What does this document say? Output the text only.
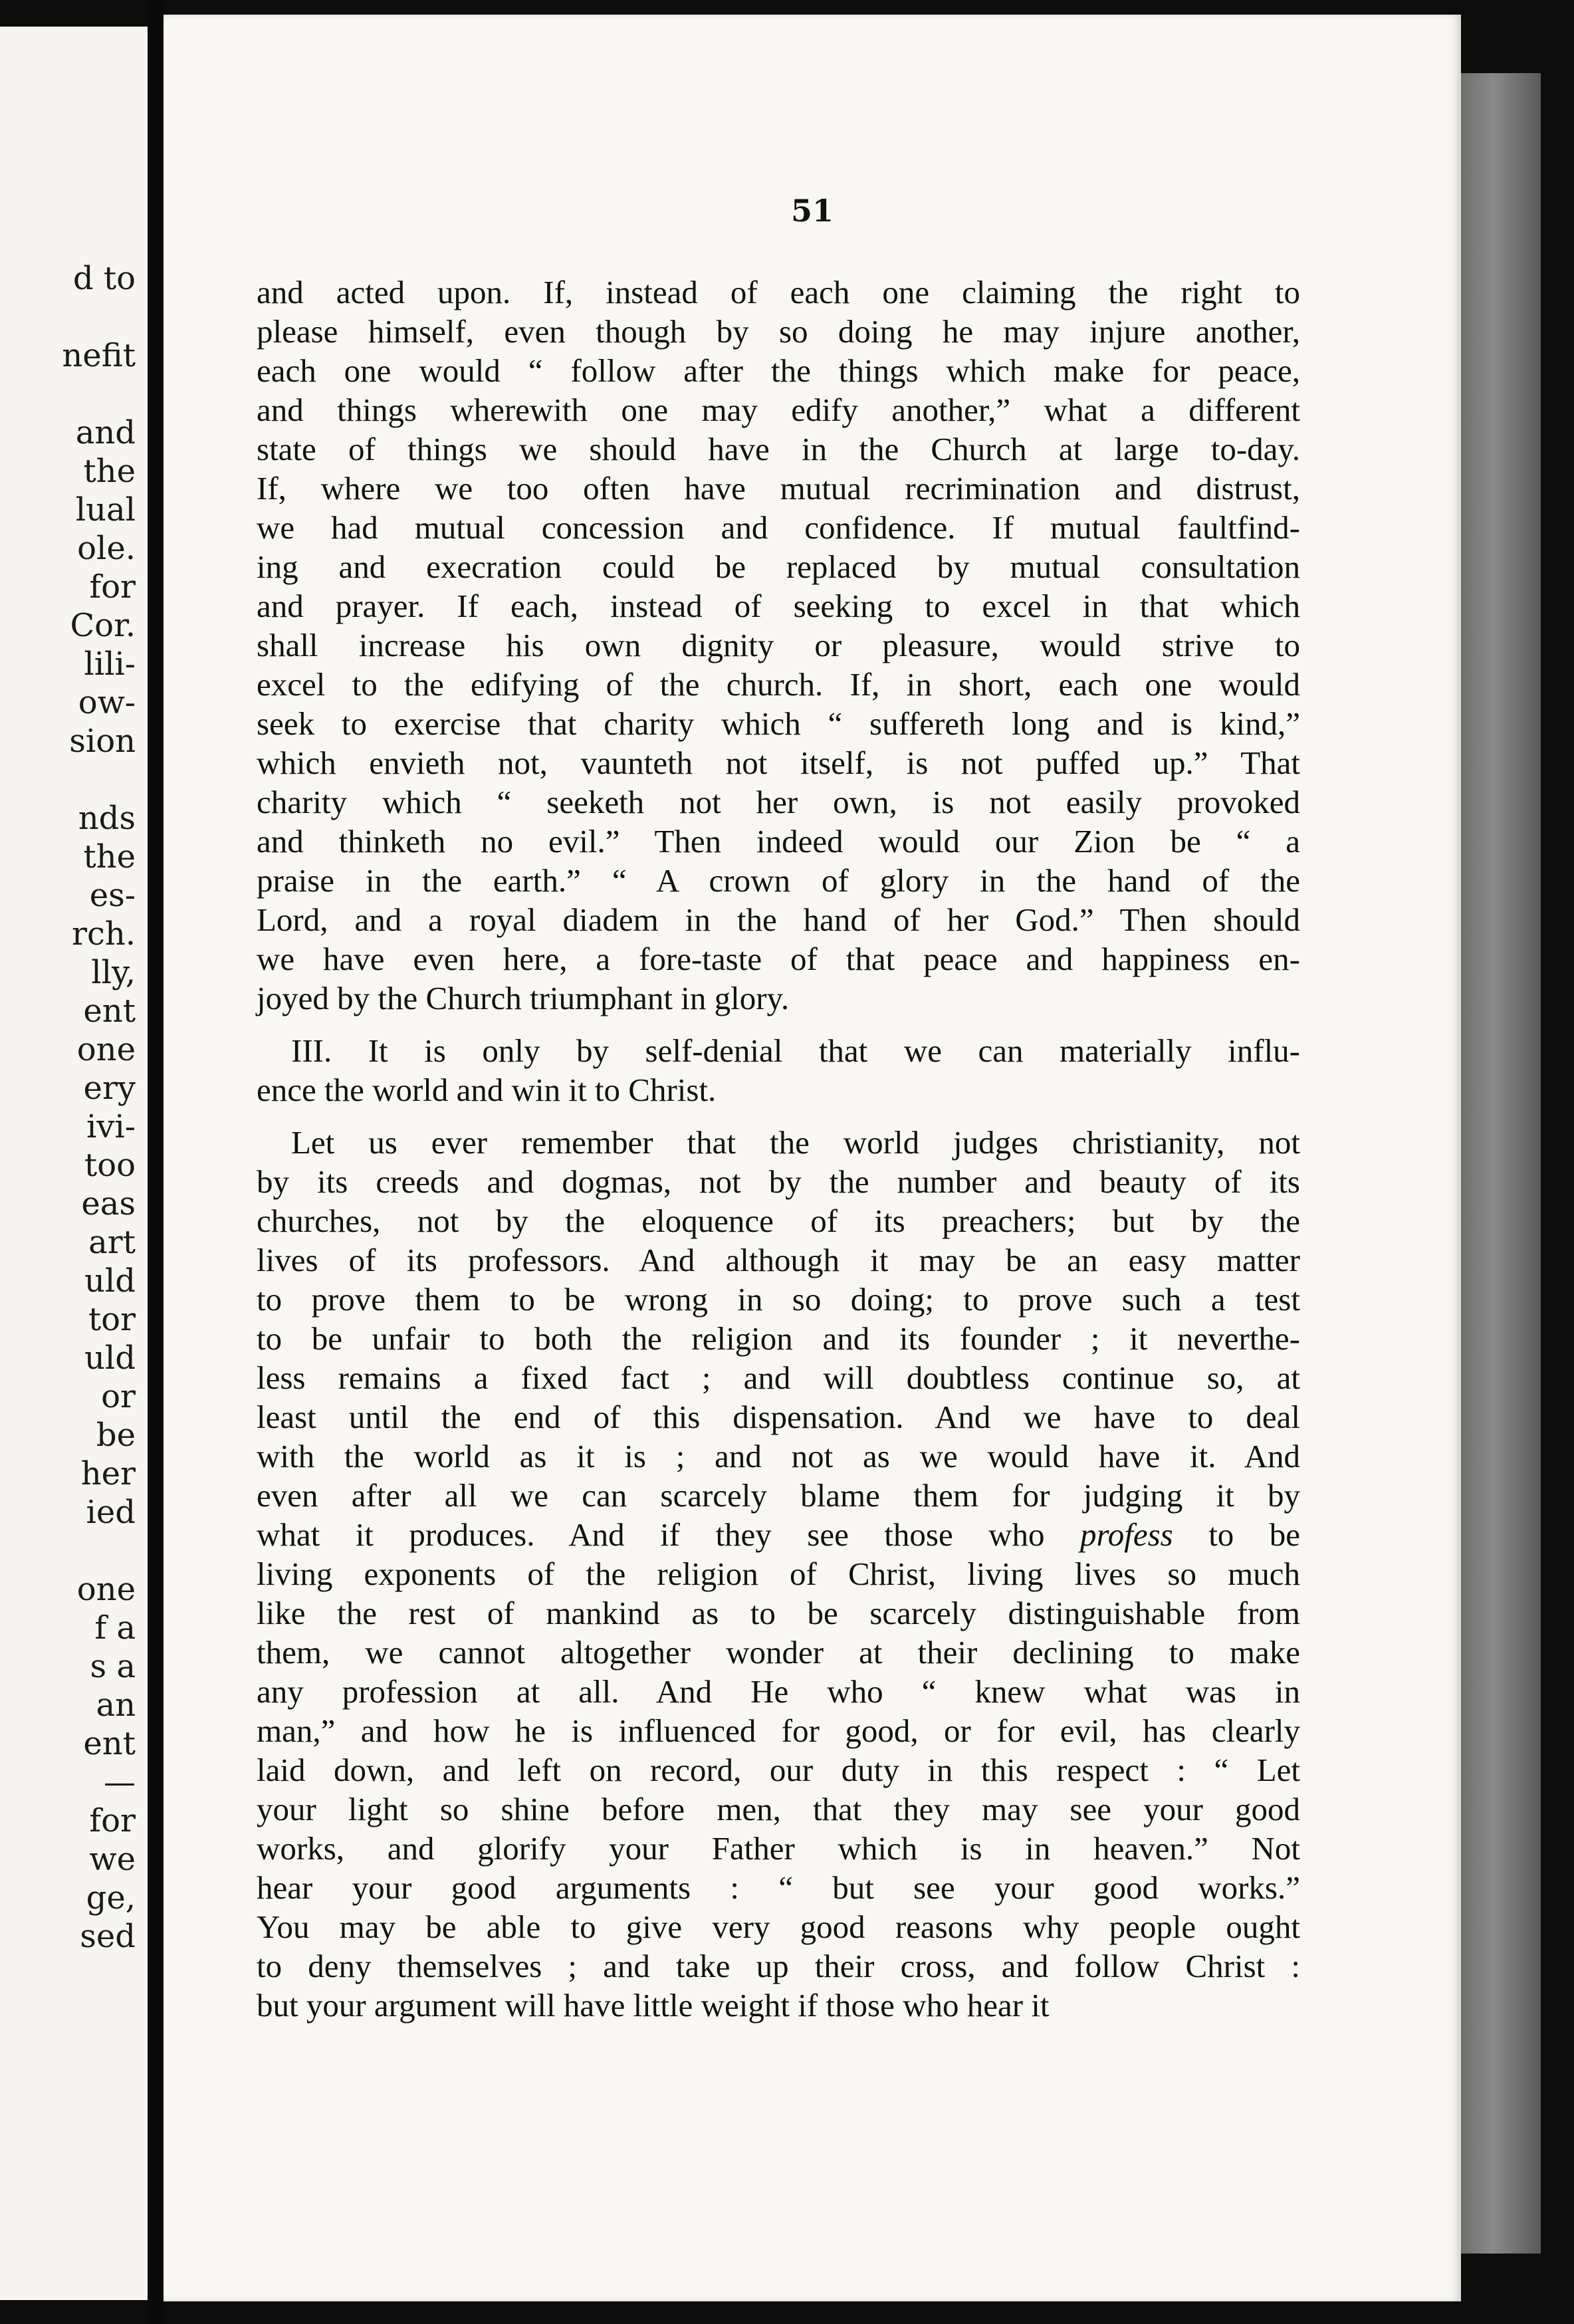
d to
nefit
and
the
lual
ole.
for
Cor.
lili-
ow-
sion
nds
the
es-
rch.
lly,
ent
one
ery
ivi-
too
eas
art
uld
tor
uld
or
be
her
ied
one
f a
s a
an
ent
—
for
we
ge,
sed
51
and acted upon. If, instead of each one claiming the right to
please himself, even though by so doing he may injure another,
each one would “ follow after the things which make for peace,
and things wherewith one may edify another,” what a different
state of things we should have in the Church at large to-day.
If, where we too often have mutual recrimination and distrust,
we had mutual concession and confidence. If mutual faultfind-
ing and execration could be replaced by mutual consultation
and prayer. If each, instead of seeking to excel in that which
shall increase his own dignity or pleasure, would strive to
excel to the edifying of the church. If, in short, each one would
seek to exercise that charity which “ suffereth long and is kind,”
which envieth not, vaunteth not itself, is not puffed up.” That
charity which “ seeketh not her own, is not easily provoked
and thinketh no evil.” Then indeed would our Zion be “ a
praise in the earth.” “ A crown of glory in the hand of the
Lord, and a royal diadem in the hand of her God.” Then should
we have even here, a fore-taste of that peace and happiness en-
joyed by the Church triumphant in glory.
III. It is only by self-denial that we can materially influ-
ence the world and win it to Christ.
Let us ever remember that the world judges christianity, not
by its creeds and dogmas, not by the number and beauty of its
churches, not by the eloquence of its preachers; but by the
lives of its professors. And although it may be an easy matter
to prove them to be wrong in so doing; to prove such a test
to be unfair to both the religion and its founder ; it neverthe-
less remains a fixed fact ; and will doubtless continue so, at
least until the end of this dispensation. And we have to deal
with the world as it is ; and not as we would have it. And
even after all we can scarcely blame them for judging it by
what it produces. And if they see those who profess to be
living exponents of the religion of Christ, living lives so much
like the rest of mankind as to be scarcely distinguishable from
them, we cannot altogether wonder at their declining to make
any profession at all. And He who “ knew what was in
man,” and how he is influenced for good, or for evil, has clearly
laid down, and left on record, our duty in this respect : “ Let
your light so shine before men, that they may see your good
works, and glorify your Father which is in heaven.” Not
hear your good arguments : “ but see your good works.”
You may be able to give very good reasons why people ought
to deny themselves ; and take up their cross, and follow Christ :
but your argument will have little weight if those who hear it
